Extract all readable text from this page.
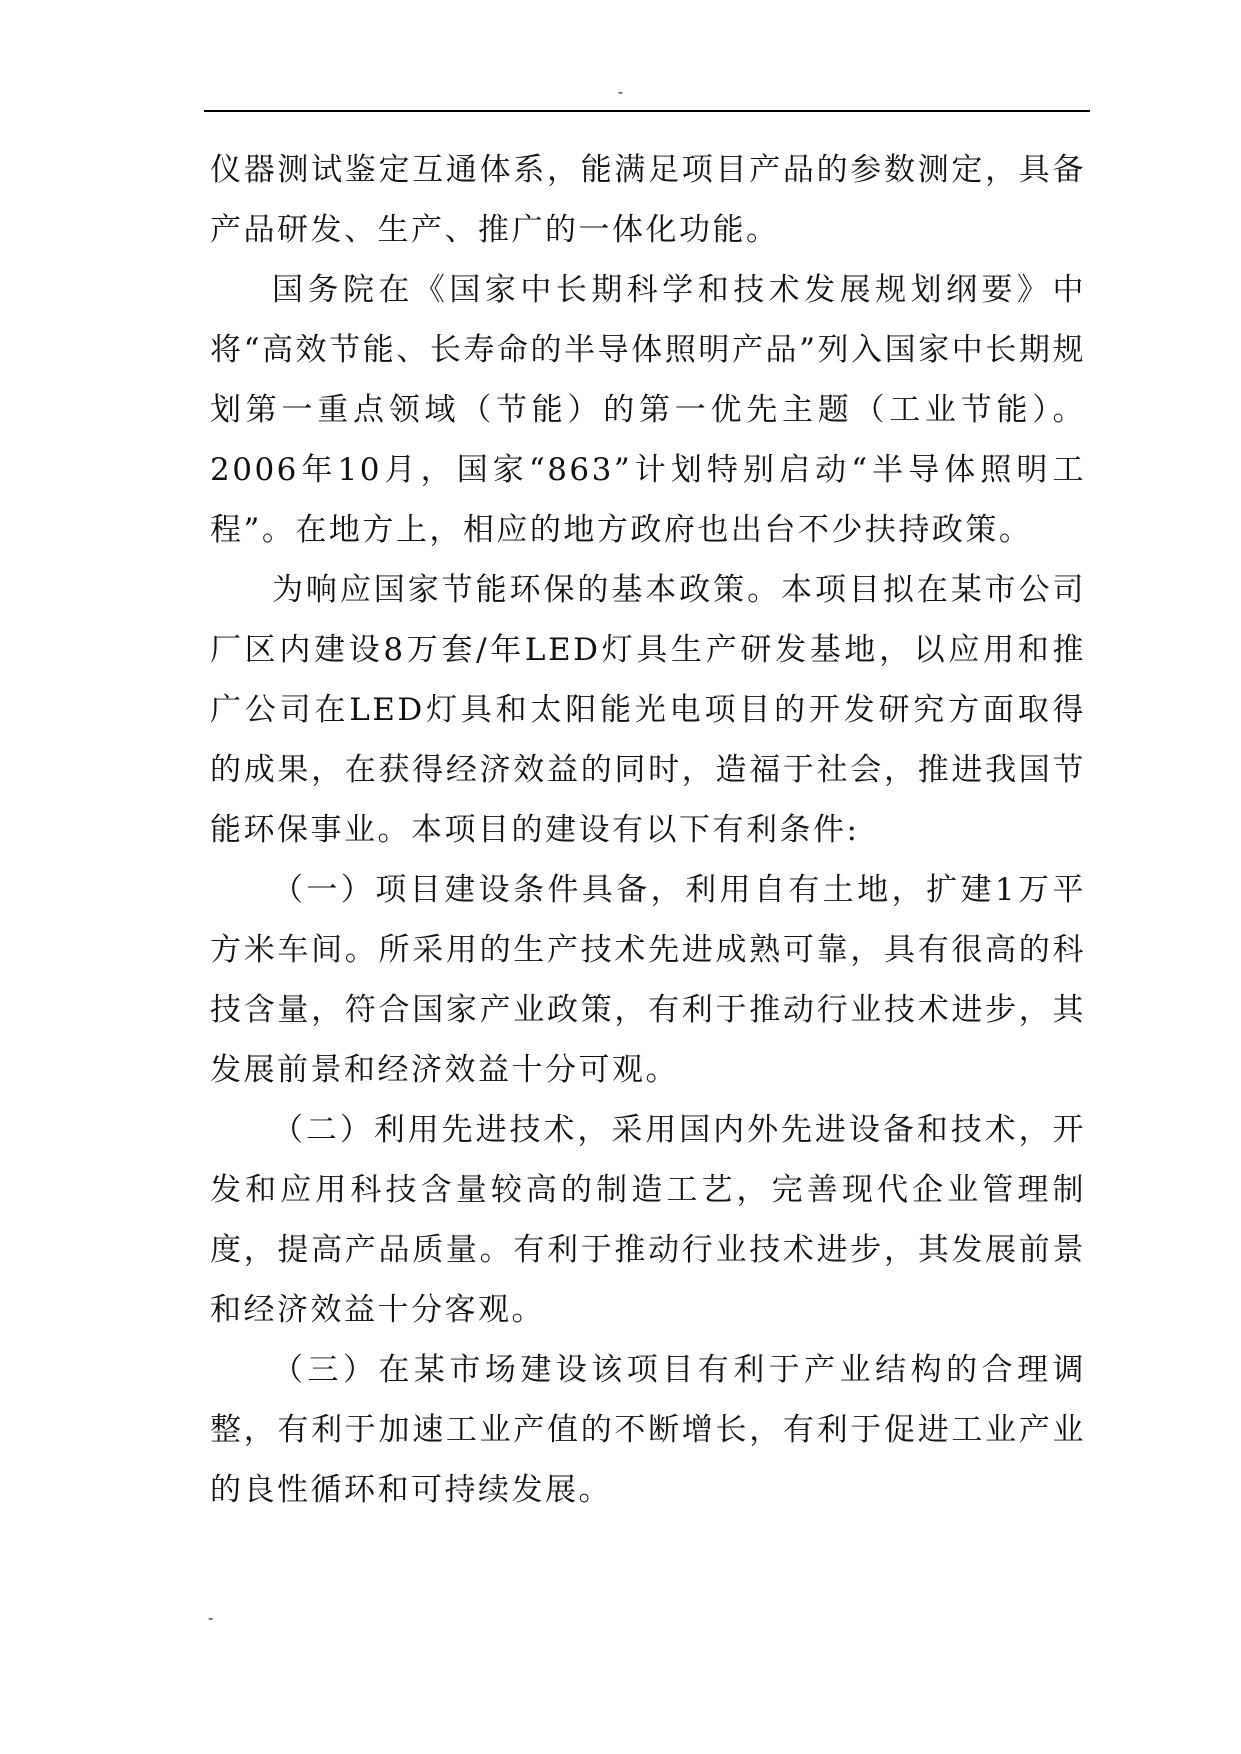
-

仪器测试鉴定互通体系，能满足项目产品的参数测定，具备产品研发、生产、推广的一体化功能。

国务院在《国家中长期科学和技术发展规划纲要》中将“高效节能、长寿命的半导体照明产品”列入国家中长期规划第一重点领域（节能）的第一优先主题（工业节能）。2006年10月，国家“863”计划特别启动“半导体照明工程”。在地方上，相应的地方政府也出台不少扶持政策。

为响应国家节能环保的基本政策。本项目拟在某市公司厂区内建设8万套/年LED灯具生产研发基地，以应用和推广公司在LED灯具和太阳能光电项目的开发研究方面取得的成果，在获得经济效益的同时，造福于社会，推进我国节能环保事业。本项目的建设有以下有利条件:

（一）项目建设条件具备，利用自有土地，扩建1万平方米车间。所采用的生产技术先进成熟可靠，具有很高的科技含量，符合国家产业政策，有利于推动行业技术进步，其发展前景和经济效益十分可观。

（二）利用先进技术，采用国内外先进设备和技术，开发和应用科技含量较高的制造工艺，完善现代企业管理制度，提高产品质量。有利于推动行业技术进步，其发展前景和经济效益十分客观。

（三）在某市场建设该项目有利于产业结构的合理调整，有利于加速工业产值的不断增长，有利于促进工业产业的良性循环和可持续发展。

-
